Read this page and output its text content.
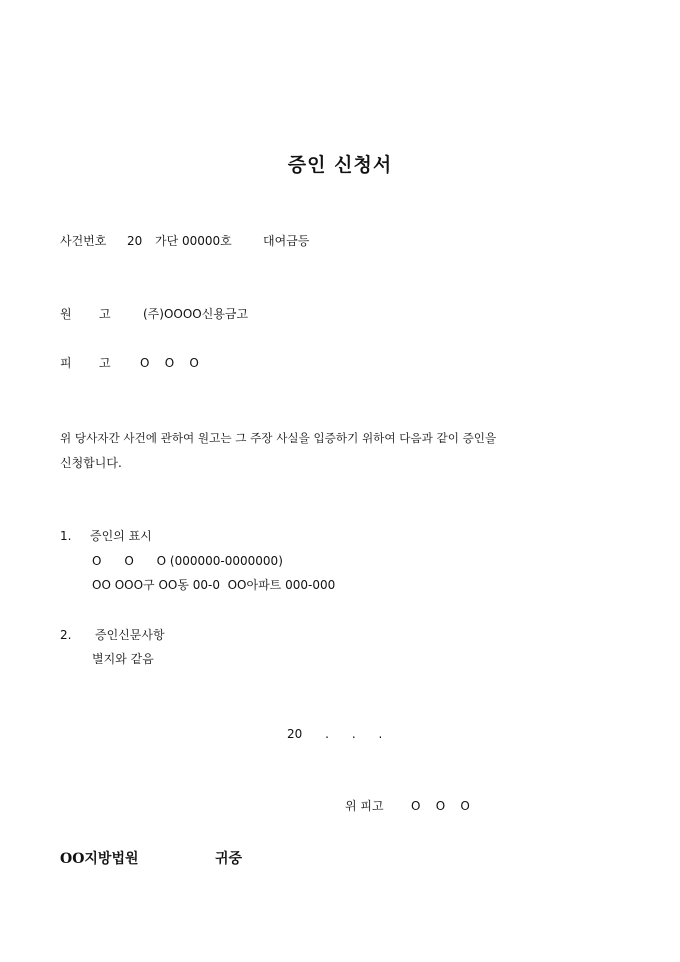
증인 신청서
사건번호 20 가단 00000호	대여금등
원 고	(주)OOOO신용금고
피 고 O    O    O
위 당사자간 사건에 관하여 원고는 그 주장 사실을 입증하기 위하여 다음과 같이 증인을
신청합니다.
1. 증인의 표시
O      O      O (000000-0000000)
OO OOO구 OO동 00-0  OO아파트 000-000
2. 증인신문사항
별지와 같음
20      .      .      .
위 피고 O    O    O
OO지방법원	귀중
